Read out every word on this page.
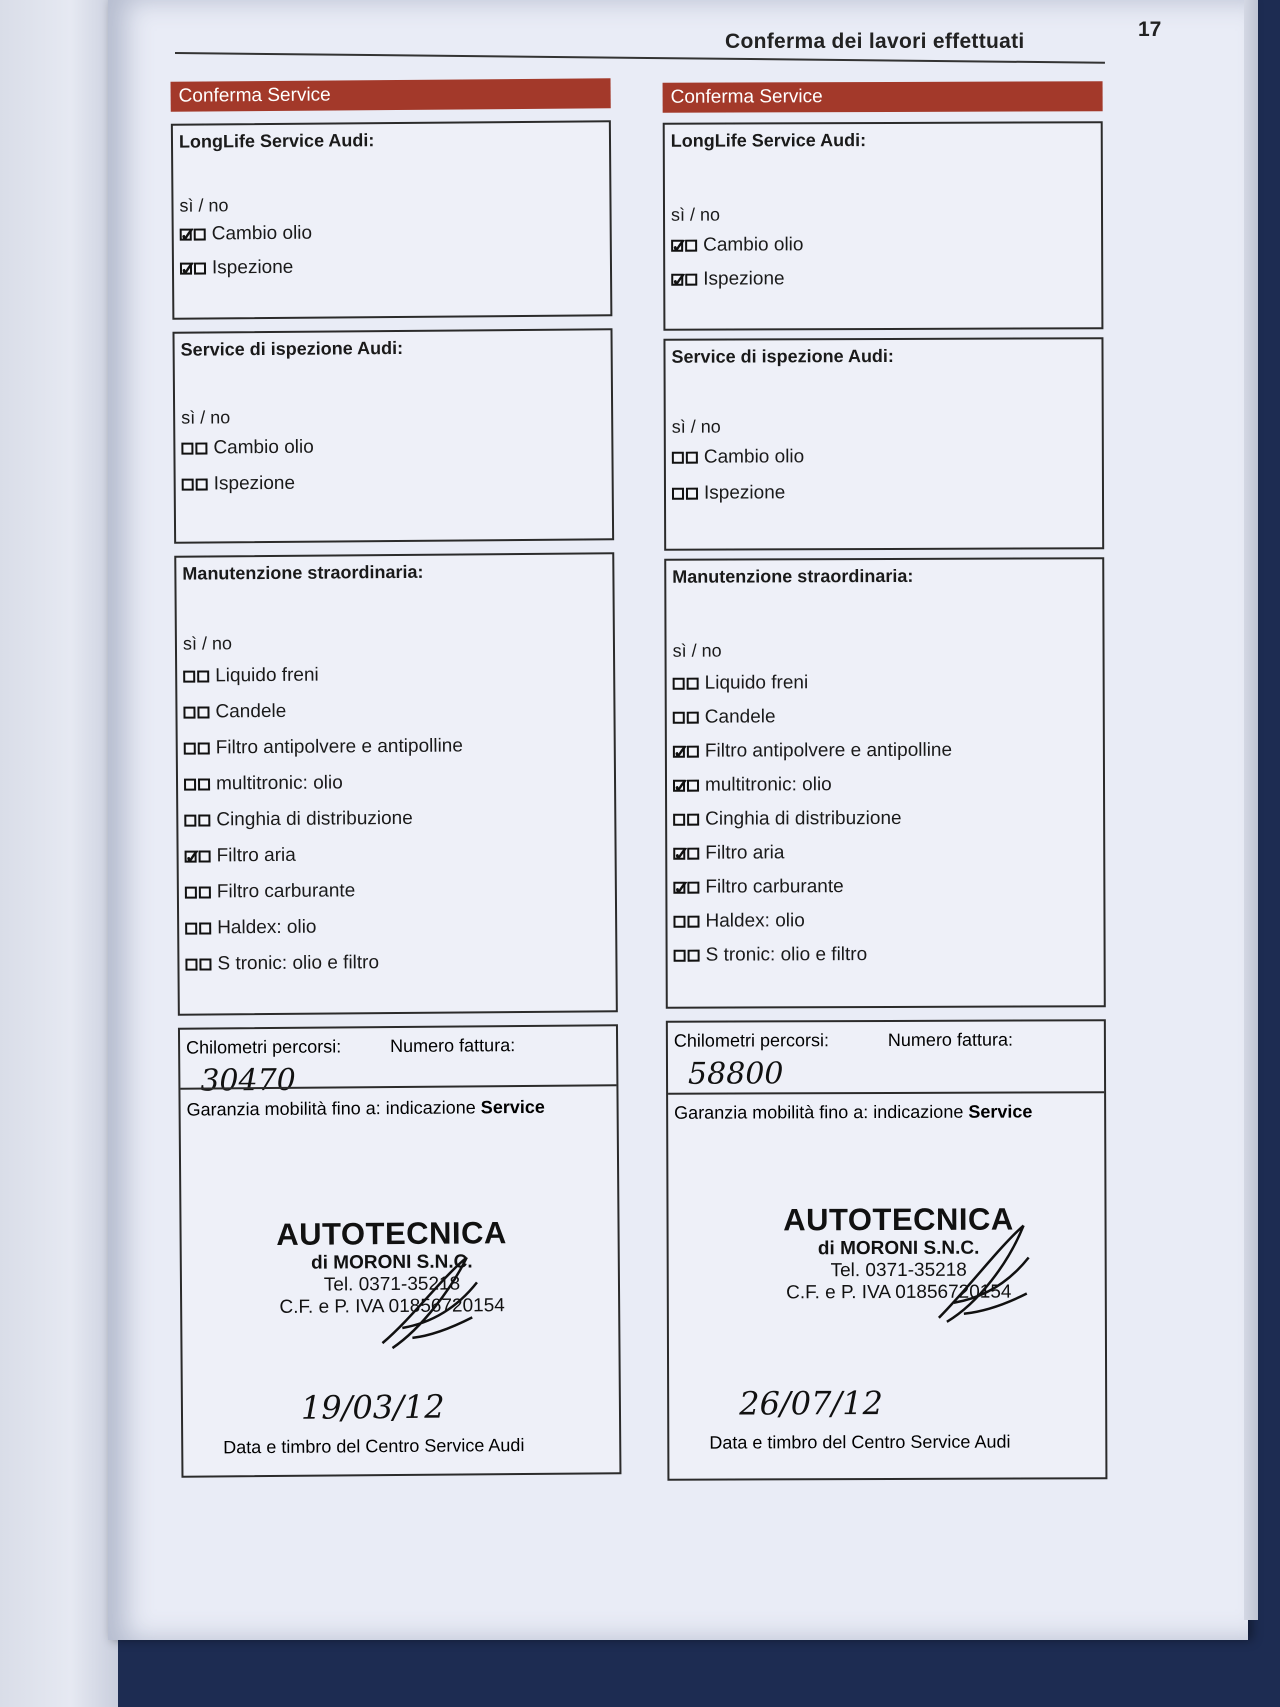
Conferma dei lavori effettuati
17
Conferma Service
LongLife Service Audi:
sì / no
✓
Cambio olio
✓
Ispezione
Service di ispezione Audi:
sì / no
Cambio olio
Ispezione
Manutenzione straordinaria:
sì / no
Liquido freni
Candele
Filtro antipolvere e antipolline
multitronic: olio
Cinghia di distribuzione
✓
Filtro aria
Filtro carburante
Haldex: olio
S tronic: olio e filtro
Chilometri percorsi:	Numero fattura:
30470
Garanzia mobilità fino a: indicazione Service
AUTOTECNICA
di MORONI S.N.C.
Tel. 0371-35218
C.F. e P. IVA 01856720154
19/03/12
Data e timbro del Centro Service Audi
Conferma Service
LongLife Service Audi:
sì / no
✓
Cambio olio
✓
Ispezione
Service di ispezione Audi:
sì / no
Cambio olio
Ispezione
Manutenzione straordinaria:
sì / no
Liquido freni
Candele
✓
Filtro antipolvere e antipolline
✓
multitronic: olio
Cinghia di distribuzione
✓
Filtro aria
✓
Filtro carburante
Haldex: olio
S tronic: olio e filtro
Chilometri percorsi:	Numero fattura:
58800
Garanzia mobilità fino a: indicazione Service
AUTOTECNICA
di MORONI S.N.C.
Tel. 0371-35218
C.F. e P. IVA 01856720154
26/07/12
Data e timbro del Centro Service Audi
